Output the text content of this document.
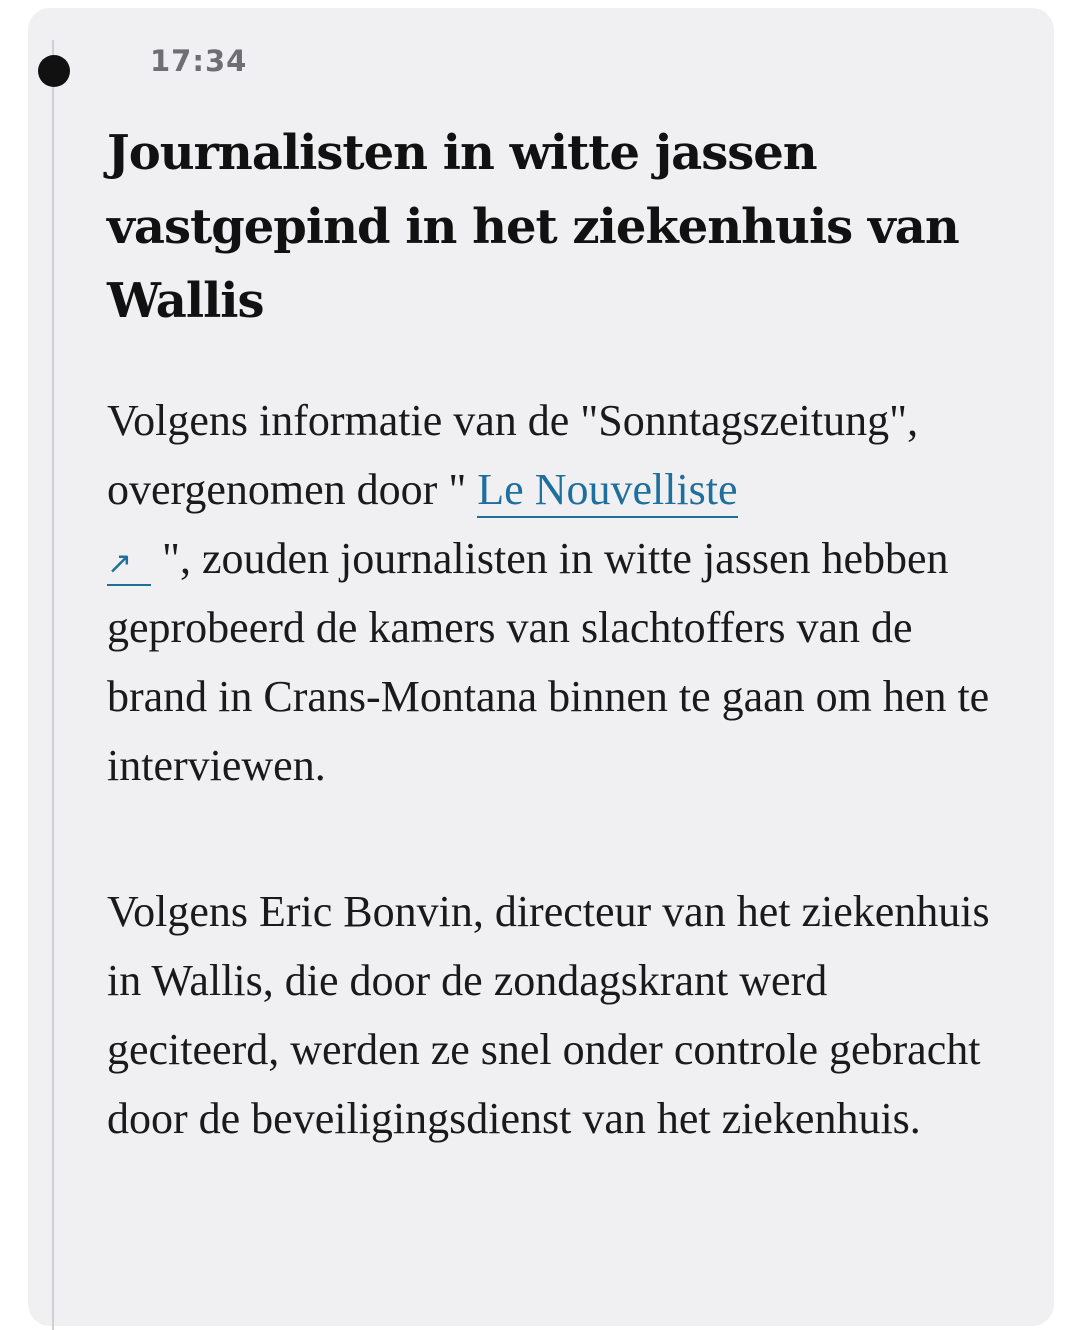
17:34
Journalisten in witte jassen vastgepind in het ziekenhuis van Wallis

Volgens informatie van de "Sonntagszeitung", overgenomen door " Le Nouvelliste
↗ ", zouden journalisten in witte jassen hebben geprobeerd de kamers van slachtoffers van de brand in Crans-Montana binnen te gaan om hen te interviewen.

Volgens Eric Bonvin, directeur van het ziekenhuis in Wallis, die door de zondagskrant werd geciteerd, werden ze snel onder controle gebracht door de beveiligingsdienst van het ziekenhuis.
